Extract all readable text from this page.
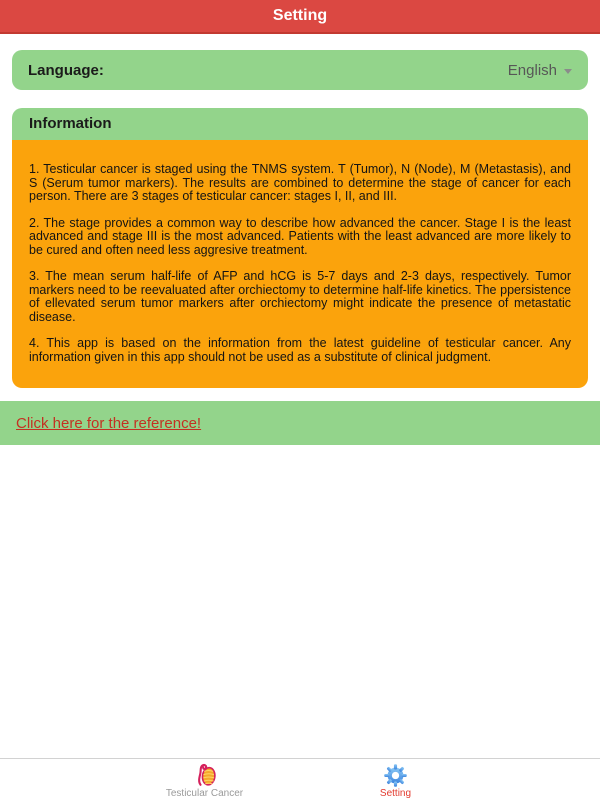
Setting
Language:	English
Information

1. Testicular cancer is staged using the TNMS system. T (Tumor), N (Node), M (Metastasis), and S (Serum tumor markers). The results are combined to determine the stage of cancer for each person. There are 3 stages of testicular cancer: stages I, II, and III.

2. The stage provides a common way to describe how advanced the cancer. Stage I is the least advanced and stage III is the most advanced. Patients with the least advanced are more likely to be cured and often need less aggresive treatment.

3. The mean serum half-life of AFP and hCG is 5-7 days and 2-3 days, respectively. Tumor markers need to be reevaluated after orchiectomy to determine half-life kinetics. The ppersistence of ellevated serum tumor markers after orchiectomy might indicate the presence of metastatic disease.

4. This app is based on the information from the latest guideline of testicular cancer. Any information given in this app should not be used as a substitute of clinical judgment.

Click here for the reference!
Testicular Cancer	Setting
